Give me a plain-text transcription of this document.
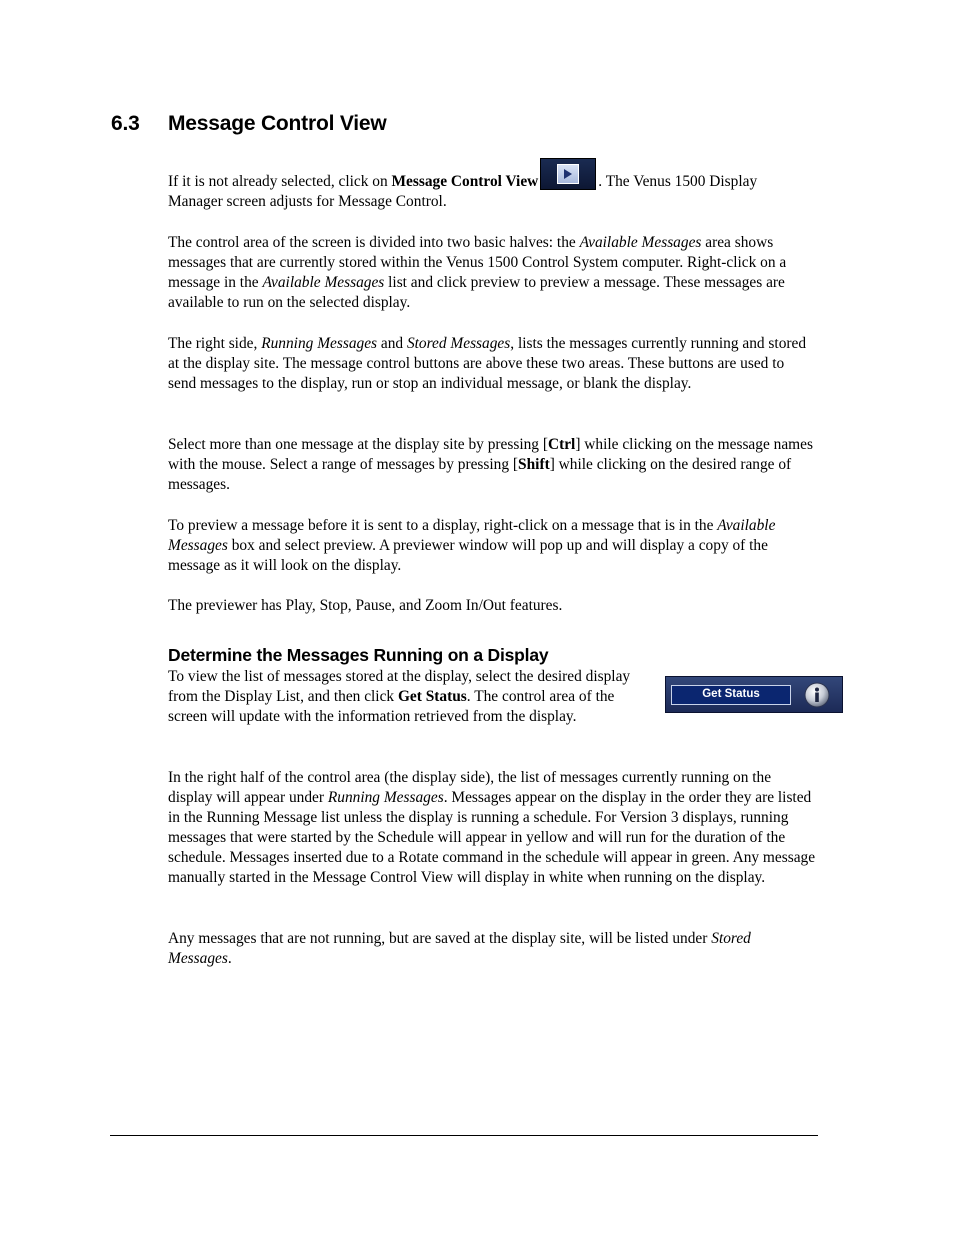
6.3 Message Control View

If it is not already selected, click on Message Control View	. The Venus 1500 Display
Manager screen adjusts for Message Control.

The control area of the screen is divided into two basic halves: the Available Messages area shows messages that are currently stored within the Venus 1500 Control System computer. Right-click on a message in the Available Messages list and click preview to preview a message. These messages are available to run on the selected display.

The right side, Running Messages and Stored Messages, lists the messages currently running and stored at the display site. The message control buttons are above these two areas. These buttons are used to send messages to the display, run or stop an individual message, or blank the display.

Select more than one message at the display site by pressing [Ctrl] while clicking on the message names with the mouse. Select a range of messages by pressing [Shift] while clicking on the desired range of messages.

To preview a message before it is sent to a display, right-click on a message that is in the Available Messages box and select preview. A previewer window will pop up and will display a copy of the message as it will look on the display.

The previewer has Play, Stop, Pause, and Zoom In/Out features.

Determine the Messages Running on a Display

To view the list of messages stored at the display, select the desired display from the Display List, and then click Get Status. The control area of the screen will update with the information retrieved from the display.

Get Status

In the right half of the control area (the display side), the list of messages currently running on the display will appear under Running Messages. Messages appear on the display in the order they are listed in the Running Message list unless the display is running a schedule. For Version 3 displays, running messages that were started by the Schedule will appear in yellow and will run for the duration of the schedule. Messages inserted due to a Rotate command in the schedule will appear in green. Any message manually started in the Message Control View will display in white when running on the display.

Any messages that are not running, but are saved at the display site, will be listed under Stored Messages.
